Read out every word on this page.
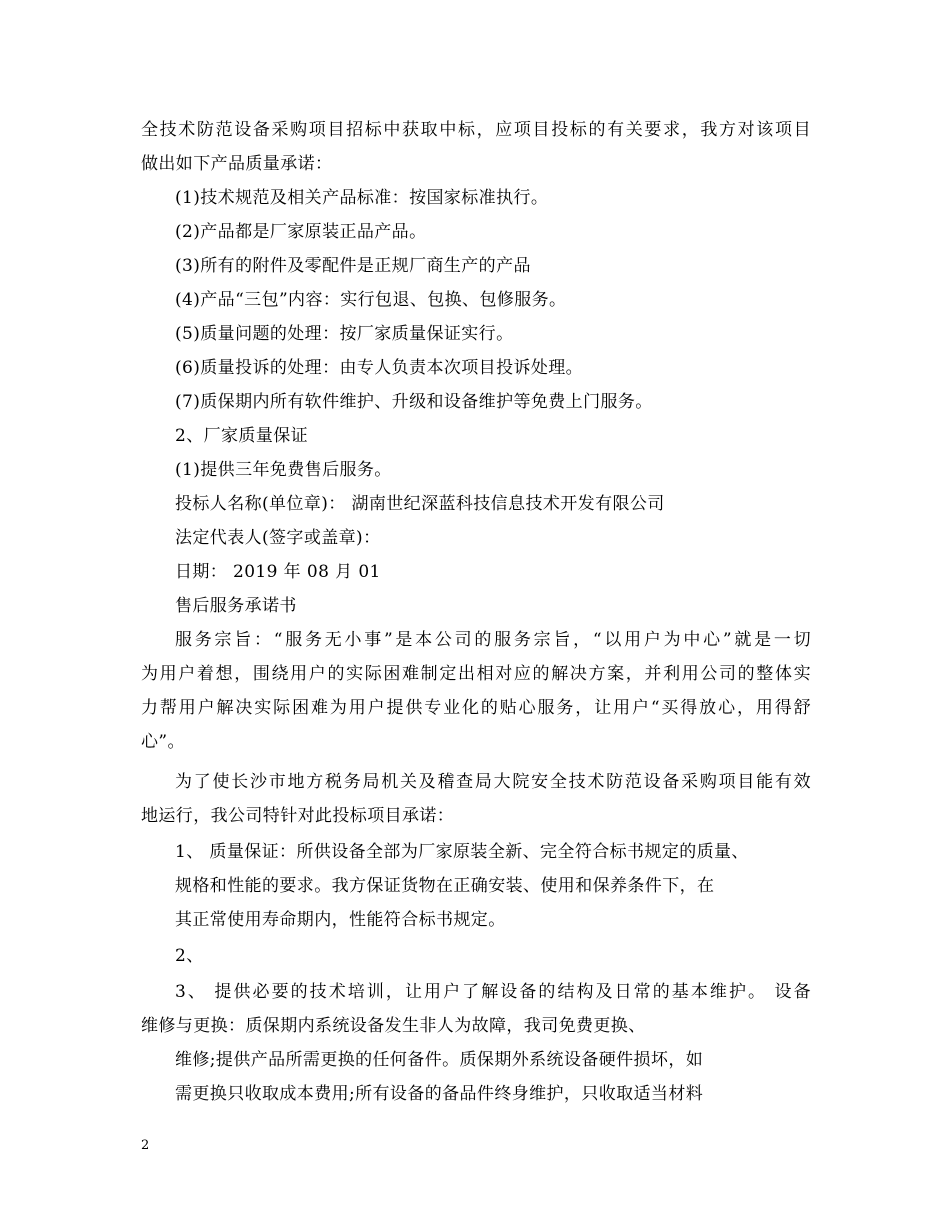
全技术防范设备采购项目招标中获取中标，应项目投标的有关要求，我方对该项目
做出如下产品质量承诺：
(1)技术规范及相关产品标准：按国家标准执行。
(2)产品都是厂家原装正品产品。
(3)所有的附件及零配件是正规厂商生产的产品
(4)产品“三包”内容：实行包退、包换、包修服务。
(5)质量问题的处理：按厂家质量保证实行。
(6)质量投诉的处理：由专人负责本次项目投诉处理。
(7)质保期内所有软件维护、升级和设备维护等免费上门服务。
2、厂家质量保证
(1)提供三年免费售后服务。
投标人名称(单位章)： 湖南世纪深蓝科技信息技术开发有限公司
法定代表人(签字或盖章)：
日期： 2019 年 08 月 01
售后服务承诺书
服务宗旨：“服务无小事”是本公司的服务宗旨，“以用户为中心”就是一切
为用户着想，围绕用户的实际困难制定出相对应的解决方案，并利用公司的整体实
力帮用户解决实际困难为用户提供专业化的贴心服务，让用户“买得放心，用得舒
心”。
为了使长沙市地方税务局机关及稽查局大院安全技术防范设备采购项目能有效
地运行，我公司特针对此投标项目承诺：
1、 质量保证：所供设备全部为厂家原装全新、完全符合标书规定的质量、
规格和性能的要求。我方保证货物在正确安装、使用和保养条件下，在
其正常使用寿命期内，性能符合标书规定。
2、
3、 提供必要的技术培训，让用户了解设备的结构及日常的基本维护。 设备
维修与更换：质保期内系统设备发生非人为故障，我司免费更换、
维修;提供产品所需更换的任何备件。质保期外系统设备硬件损坏，如
需更换只收取成本费用;所有设备的备品件终身维护，只收取适当材料
2
